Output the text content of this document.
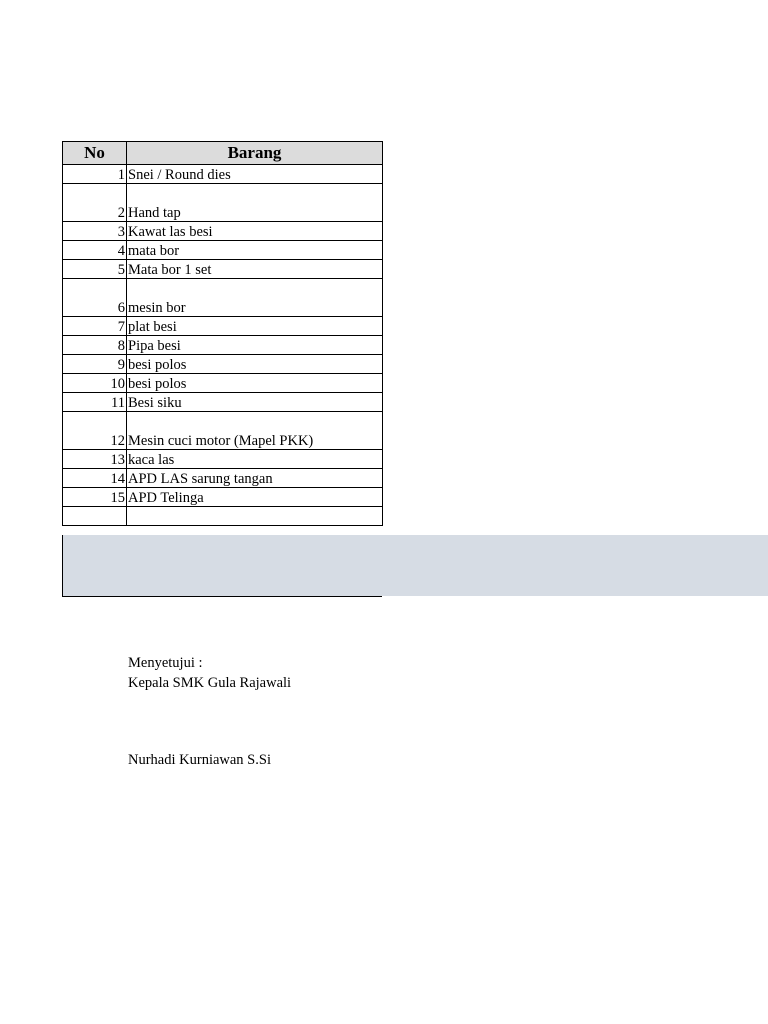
No	Barang
1	Snei / Round dies
2	Hand tap
3	Kawat las besi
4	mata bor
5	Mata bor 1 set
6	mesin bor
7	plat besi
8	Pipa besi
9	besi polos
10	besi polos
11	Besi siku
12	Mesin cuci motor (Mapel PKK)
13	kaca las
14	APD LAS sarung tangan
15	APD Telinga

Menyetujui :
Kepala SMK Gula Rajawali
Nurhadi Kurniawan S.Si
